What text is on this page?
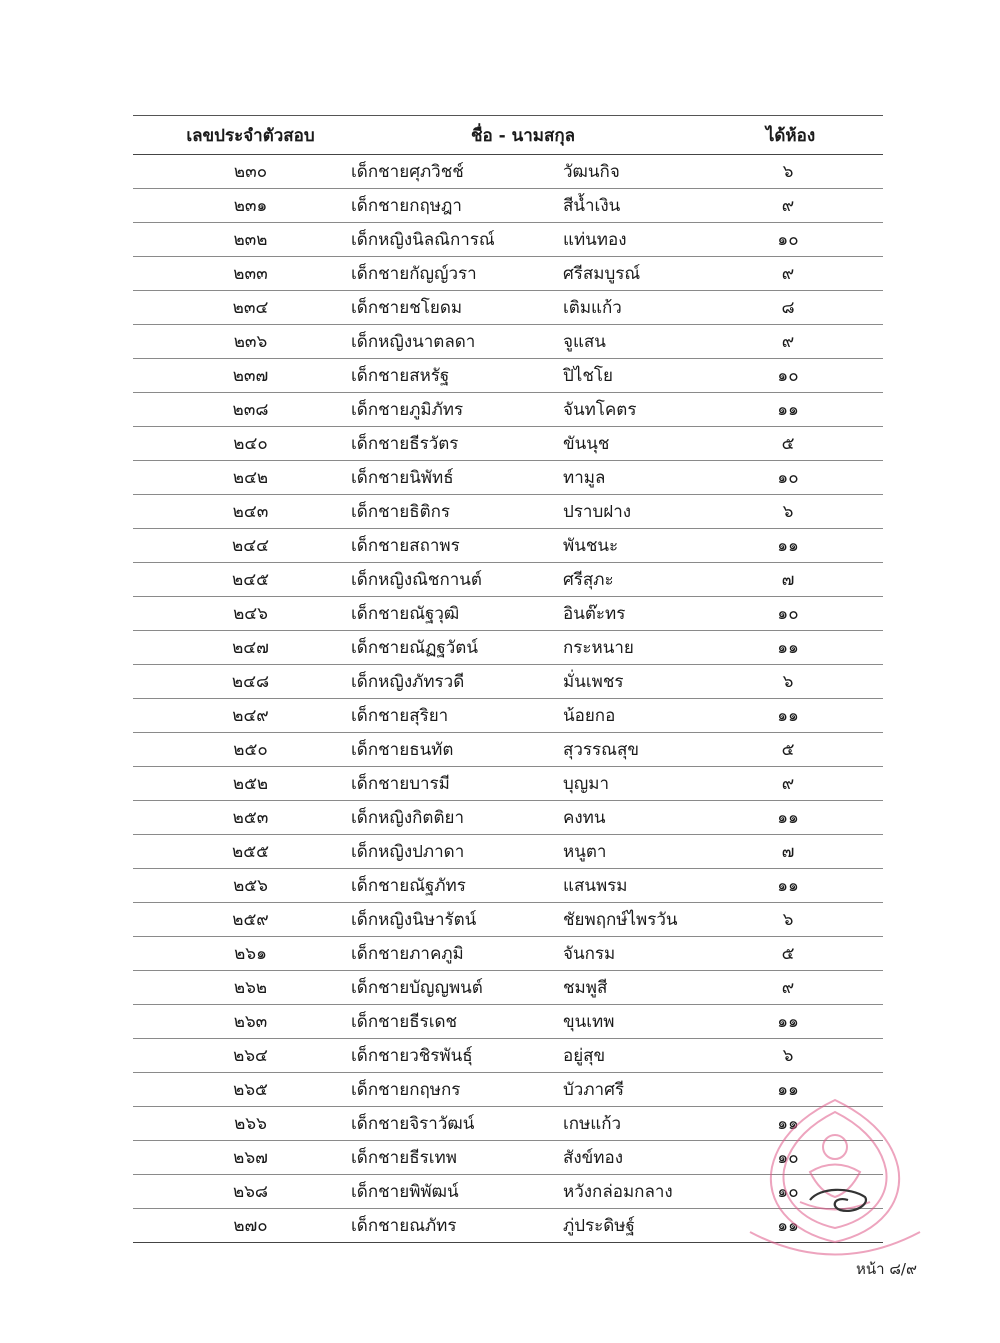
เลขประจำตัวสอบ	ชื่อ - นามสกุล	ได้ห้อง
๒๓๐	เด็กชายศุภวิชช์	วัฒนกิจ	๖
๒๓๑	เด็กชายกฤษฎา	สีน้ำเงิน	๙
๒๓๒	เด็กหญิงนิลณิการณ์	แท่นทอง	๑๐
๒๓๓	เด็กชายกัญญ์วรา	ศรีสมบูรณ์	๙
๒๓๔	เด็กชายชโยดม	เติมแก้ว	๘
๒๓๖	เด็กหญิงนาตลดา	จูแสน	๙
๒๓๗	เด็กชายสหรัฐ	ปิไชโย	๑๐
๒๓๘	เด็กชายภูมิภัทร	จันทโคตร	๑๑
๒๔๐	เด็กชายธีรวัตร	ขันนุช	๕
๒๔๒	เด็กชายนิพัทธ์	ทามูล	๑๐
๒๔๓	เด็กชายธิติกร	ปราบฝาง	๖
๒๔๔	เด็กชายสถาพร	พันชนะ	๑๑
๒๔๕	เด็กหญิงณิชกานต์	ศรีสุภะ	๗
๒๔๖	เด็กชายณัฐวุฒิ	อินต๊ะทร	๑๐
๒๔๗	เด็กชายณัฏฐวัตน์	กระหนาย	๑๑
๒๔๘	เด็กหญิงภัทรวดี	มั่นเพชร	๖
๒๔๙	เด็กชายสุริยา	น้อยกอ	๑๑
๒๕๐	เด็กชายธนทัต	สุวรรณสุข	๕
๒๕๒	เด็กชายบารมี	บุญมา	๙
๒๕๓	เด็กหญิงกิตติยา	คงทน	๑๑
๒๕๕	เด็กหญิงปภาดา	หนูตา	๗
๒๕๖	เด็กชายณัฐภัทร	แสนพรม	๑๑
๒๕๙	เด็กหญิงนิษารัตน์	ชัยพฤกษ์ไพรวัน	๖
๒๖๑	เด็กชายภาคภูมิ	จันกรม	๕
๒๖๒	เด็กชายบัญญพนต์	ชมพูสี	๙
๒๖๓	เด็กชายธีรเดช	ขุนเทพ	๑๑
๒๖๔	เด็กชายวชิรพันธุ์	อยู่สุข	๖
๒๖๕	เด็กชายกฤษกร	บัวภาศรี	๑๑
๒๖๖	เด็กชายจิราวัฒน์	เกษแก้ว	๑๑
๒๖๗	เด็กชายธีรเทพ	สังข์ทอง	๑๐
๒๖๘	เด็กชายพิพัฒน์	หวังกล่อมกลาง	๑๐
๒๗๐	เด็กชายณภัทร	ภู่ประดิษฐ์	๑๑
หน้า ๘/๙
